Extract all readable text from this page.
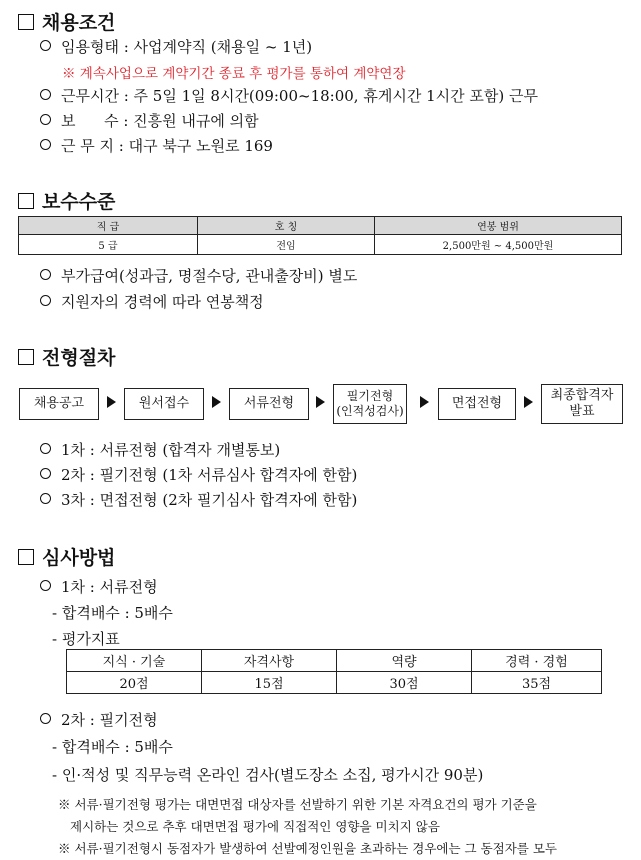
채용조건
임용형태 : 사업계약직 (채용일 ~ 1년)
※ 계속사업으로 계약기간 종료 후 평가를 통하여 계약연장
근무시간 : 주 5일 1일 8시간(09:00~18:00, 휴게시간 1시간 포함) 근무
보      수 : 진흥원 내규에 의함
근 무 지 : 대구 북구 노원로 169
보수수준
직 급	호 칭	연봉 범위
5 급	전임	2,500만원 ~ 4,500만원
부가급여(성과급, 명절수당, 관내출장비) 별도
지원자의 경력에 따라 연봉책정
전형절차
채용공고	원서접수	서류전형	필기전형
(인적성검사)	면접전형
최종합격자
발표
1차 : 서류전형 (합격자 개별통보)
2차 : 필기전형 (1차 서류심사 합격자에 한함)
3차 : 면접전형 (2차 필기심사 합격자에 한함)
심사방법
1차 : 서류전형
- 합격배수 : 5배수
- 평가지표
지식 · 기술	자격사항	역량	경력 · 경험
20점	15점	30점	35점
2차 : 필기전형
- 합격배수 : 5배수
- 인·적성 및 직무능력 온라인 검사(별도장소 소집, 평가시간 90분)
※ 서류·필기전형 평가는 대면면접 대상자를 선발하기 위한 기본 자격요건의 평가 기준을
제시하는 것으로 추후 대면면접 평가에 직접적인 영향을 미치지 않음
※ 서류·필기전형시 동점자가 발생하여 선발예정인원을 초과하는 경우에는 그 동점자를 모두
